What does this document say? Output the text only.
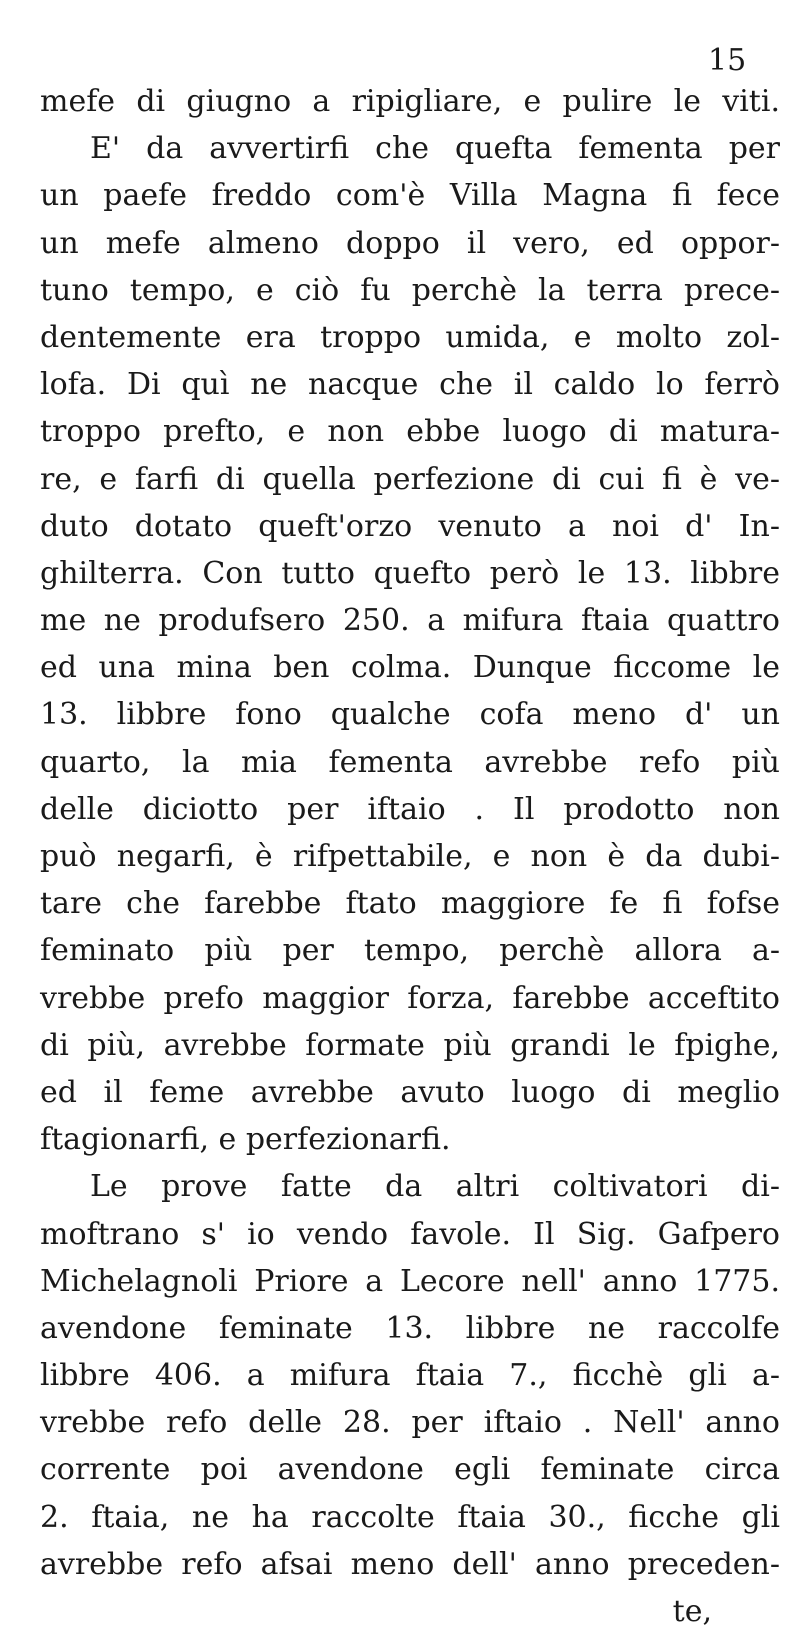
15
mefe di giugno a ripigliare, e pulire le viti.
E' da avvertirfi che quefta fementa per
un paefe freddo com'è Villa Magna fi fece
un mefe almeno doppo il vero, ed oppor-
tuno tempo, e ciò fu perchè la terra prece-
dentemente era troppo umida, e molto zol-
lofa. Di quì ne nacque che il caldo lo ferrò
troppo prefto, e non ebbe luogo di matura-
re, e farfi di quella perfezione di cui fi è ve-
duto dotato queft'orzo venuto a noi d' In-
ghilterra. Con tutto quefto però le 13. libbre
me ne produfsero 250. a mifura ftaia quattro
ed una mina ben colma. Dunque ficcome le
13. libbre fono qualche cofa meno d' un
quarto, la mia fementa avrebbe refo più
delle diciotto per iftaio . Il prodotto non
può negarfi, è rifpettabile, e non è da dubi-
tare che farebbe ftato maggiore fe fi fofse
feminato più per tempo, perchè allora a-
vrebbe prefo maggior forza, farebbe acceftito
di più, avrebbe formate più grandi le fpighe,
ed il feme avrebbe avuto luogo di meglio
ftagionarfi, e perfezionarfi.
Le prove fatte da altri coltivatori di-
moftrano s' io vendo favole. Il Sig. Gafpero
Michelagnoli Priore a Lecore nell' anno 1775.
avendone feminate 13. libbre ne raccolfe
libbre 406. a mifura ftaia 7., ficchè gli a-
vrebbe refo delle 28. per iftaio . Nell' anno
corrente poi avendone egli feminate circa
2. ftaia, ne ha raccolte ftaia 30., ficche gli
avrebbe refo afsai meno dell' anno preceden-
te,
